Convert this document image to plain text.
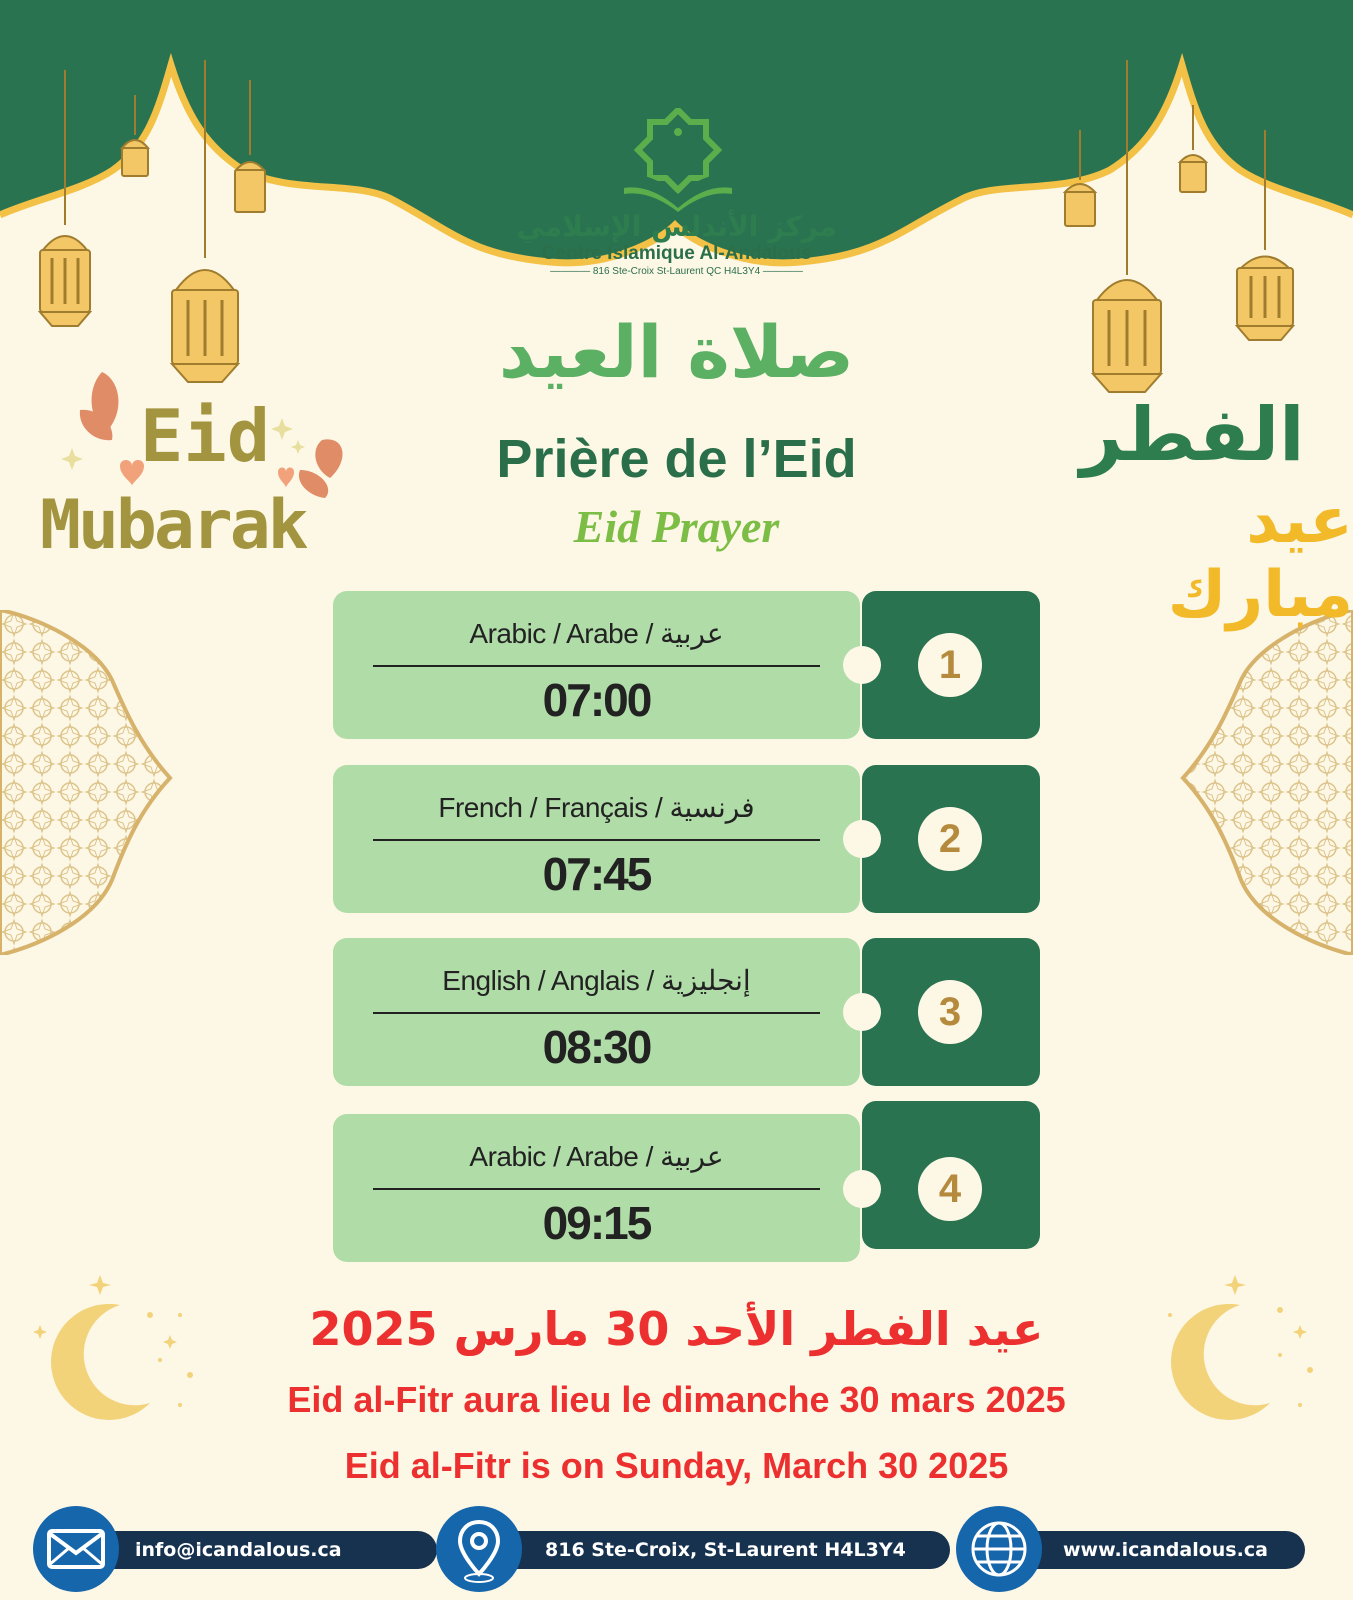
مركز الأندلس الإسلامي
Centre Islamique Al-Andalous
———— 816 Ste-Croix St-Laurent QC H4L3Y4 ————
Eid
Mubarak
الفطر
عيد مبارك
صلاة العيد
Prière de l’Eid
Eid Prayer
Arabic / Arabe / عربية
07:00
1
French / Français / فرنسية
07:45
2
English / Anglais / إنجليزية
08:30
3
Arabic / Arabe / عربية
09:15
4
عيد الفطر الأحد 30 مارس 2025
Eid al-Fitr aura lieu le dimanche 30 mars 2025
Eid al-Fitr is on Sunday, March 30 2025
info@icandalous.ca	816 Ste-Croix, St-Laurent H4L3Y4	www.icandalous.ca
